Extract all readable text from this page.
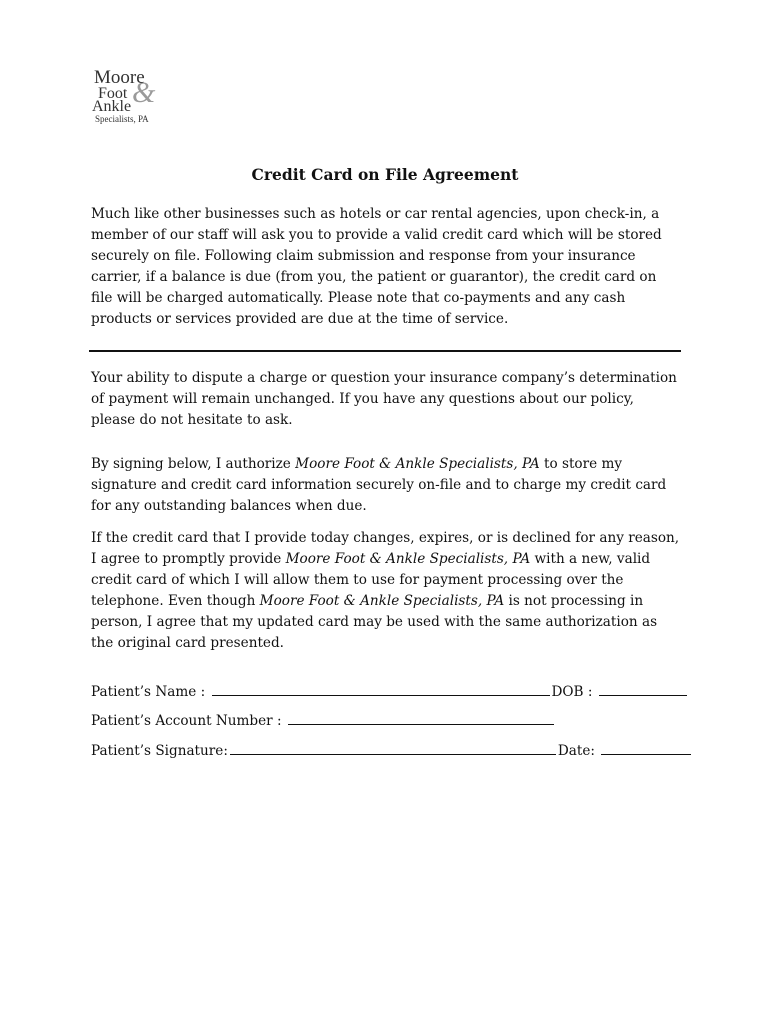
&
Moore
Foot
Ankle
Specialists, PA
Credit Card on File Agreement

Much like other businesses such as hotels or car rental agencies, upon check-in, a member of our staff will ask you to provide a valid credit card which will be stored securely on file. Following claim submission and response from your insurance carrier, if a balance is due (from you, the patient or guarantor), the credit card on file will be charged automatically. Please note that co-payments and any cash products or services provided are due at the time of service.

Your ability to dispute a charge or question your insurance company’s determination of payment will remain unchanged. If you have any questions about our policy, please do not hesitate to ask.

By signing below, I authorize Moore Foot & Ankle Specialists, PA to store my signature and credit card information securely on-file and to charge my credit card for any outstanding balances when due.

If the credit card that I provide today changes, expires, or is declined for any reason, I agree to promptly provide Moore Foot & Ankle Specialists, PA with a new, valid credit card of which I will allow them to use for payment processing over the telephone. Even though Moore Foot & Ankle Specialists, PA is not processing in person, I agree that my updated card may be used with the same authorization as the original card presented.

Patient’s Name :	DOB :
Patient’s Account Number :
Patient’s Signature:	Date:
